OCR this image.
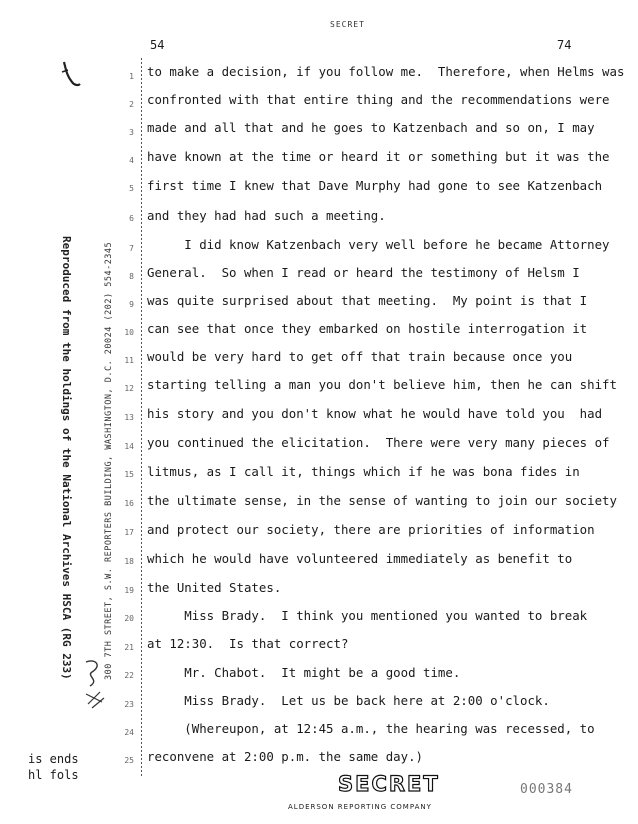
SECRET
54	74
Reproduced from the holdings of the National Archives HSCA (RG 233)	300 7TH STREET, S.W. REPORTERS BUILDING, WASHINGTON, D.C. 20024 (202) 554-2345
1 to make a decision, if you follow me.  Therefore, when Helms was
2 confronted with that entire thing and the recommendations were
3 made and all that and he goes to Katzenbach and so on, I may
4 have known at the time or heard it or something but it was the
5 first time I knew that Dave Murphy had gone to see Katzenbach
6 and they had had such a meeting.
7 I did know Katzenbach very well before he became Attorney
8 General.  So when I read or heard the testimony of Helsm I
9 was quite surprised about that meeting.  My point is that I
10 can see that once they embarked on hostile interrogation it
11 would be very hard to get off that train because once you
12 starting telling a man you don't believe him, then he can shift
13 his story and you don't know what he would have told you  had
14 you continued the elicitation.  There were very many pieces of
15 litmus, as I call it, things which if he was bona fides in
16 the ultimate sense, in the sense of wanting to join our society
17 and protect our society, there are priorities of information
18 which he would have volunteered immediately as benefit to
19 the United States.
20 Miss Brady.  I think you mentioned you wanted to break
21 at 12:30.  Is that correct?
22 Mr. Chabot.  It might be a good time.
23 Miss Brady.  Let us be back here at 2:00 o'clock.
24 (Whereupon, at 12:45 a.m., the hearing was recessed, to
25 reconvene at 2:00 p.m. the same day.)
is ends
hl fols	SECRET
ALDERSON REPORTING COMPANY
000384
